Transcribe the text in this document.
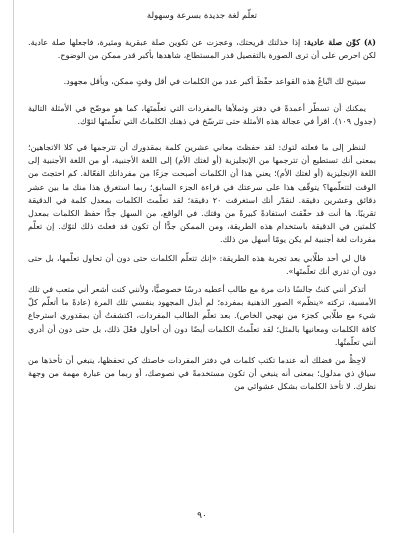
تعلّم لغة جديدة بسرعة وسهولة

(٨) كوِّن صلة عادية: إذا خذلتك قريحتك، وعجزت عن تكوين صلة عبقرية ومثيرة، فاجعلها صلة عادية. لكن احرص على أن ترى الصورة بالتفصيل قدر المستطاع، شاهدها بأكبر قدر ممكن من الوضوح.

سيتيح لك اتّباعُ هذه القواعد حفْظَ أكبر عدد من الكلمات في أقل وقتٍ ممكن، وبأقل مجهود.

يمكنك أن تسطّر أعمدةً في دفتر وتملأها بالمفردات التي تعلّمتَها، كما هو موضّح في الأمثلة التالية (جدول ١٠٩). اقرأ في عجالة هذه الأمثلة حتى تترسّخ في ذهنك الكلماتُ التي تعلّمتَها لتوّك.

لننظر إلى ما فعلته لتوك: لقد حفظتَ معاني عشرين كلمة بمقدورك أن تترجمها في كلا الاتجاهين؛ بمعنى أنك تستطيع أن تترجمها من الإنجليزية (أو لغتك الأم) إلى اللغة الأجنبية، أو من اللغة الأجنبية إلى اللغة الإنجليزية (أو لغتك الأم)؛ يعني هذا أن الكلمات أصبحت جزءًا من مفرداتك الفعّالة. كم احتجتَ من الوقت لتتعلّمها؟ يتوقّف هذا على سرعتك في قراءة الجزء السابق؛ ربما استغرق هذا منك ما بين عشر دقائق وعشرين دقيقة. لنقدّر أنك استغرقت ٢٠ دقيقة؛ لقد تعلّمتَ الكلمات بمعدل كلمة في الدقيقة تقريبًا. ها أنت قد حقّقتَ استفادةً كبيرةً من وقتك. في الواقع، من السهل جدًّا حفظ الكلمات بمعدل كلمتين في الدقيقة باستخدام هذه الطريقة، ومن الممكن جدًّا أن تكون قد فعلتَ ذلك لتوّك. إن تعلّم مفردات لغة أجنبية لم يكن يومًا أسهل من ذلك.

قال لي أحد طلّابي بعد تجربة هذه الطريقة: «إنك تتعلّم الكلمات حتى دون أن تحاول تعلّمها، بل حتى دون أن تدري أنك تعلّمتَها».

أتذكر أنني كنتُ جالسًا ذات مرة مع طالب أعطيه درسًا خصوصيًّا، ولأنني كنت أشعر أني متعب في تلك الأمسية، تركته «ينظّم» الصور الذهنية بمفرده؛ لم أبذل المجهود بنفسي تلك المرة (عادةً ما أتعلّم كلّ شيء مع طلّابي كجزء من نهجي الخاص). بعد تعلّم الطالب المفردات، اكتشفتُ أن بمقدوري استرجاع كافة الكلمات ومعانيها بالمثل؛ لقد تعلّمتُ الكلمات أيضًا دون أن أحاول فعْلَ ذلك، بل حتى دون أن أدري أنني تعلّمتُها.

لاحِظْ من فضلك أنه عندما تكتب كلمات في دفتر المفردات خاصتك كي تحفظها، ينبغي أن تأخذها من سياق ذي مدلول؛ بمعنى أنه ينبغي أن تكون مستخدمةً في نصوصك، أو ربما من عبارة مهمة من وجهة نظرك. لا تأخذ الكلمات بشكل عشوائي من

٩٠
